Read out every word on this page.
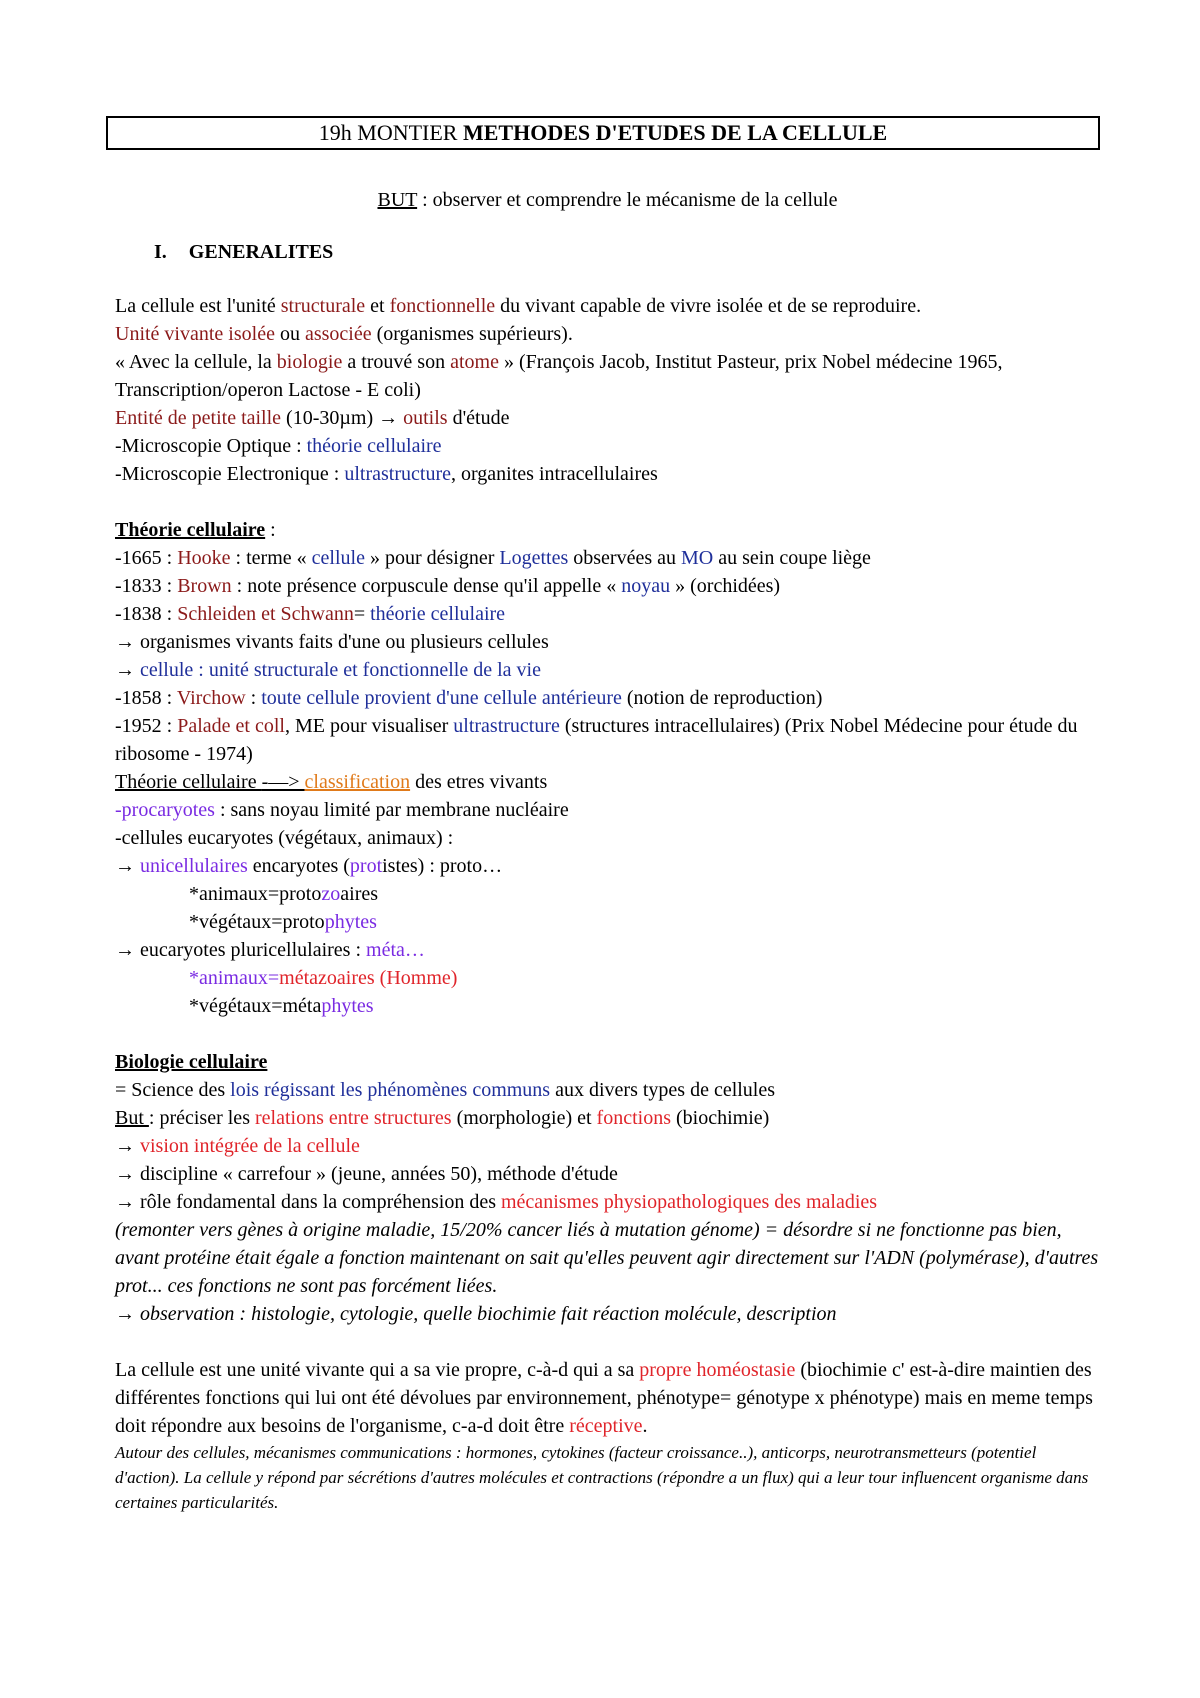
19h MONTIER METHODES D'ETUDES DE LA CELLULE

BUT : observer et comprendre le mécanisme de la cellule

I. GENERALITES

La cellule est l'unité structurale et fonctionnelle du vivant capable de vivre isolée et de se reproduire.

Unité vivante isolée ou associée (organismes supérieurs).

« Avec la cellule, la biologie a trouvé son atome » (François Jacob, Institut Pasteur, prix Nobel médecine 1965, Transcription/operon Lactose - E coli)

Entité de petite taille (10-30µm) → outils d'étude

-Microscopie Optique : théorie cellulaire

-Microscopie Electronique : ultrastructure, organites intracellulaires

Théorie cellulaire :

-1665 : Hooke : terme « cellule » pour désigner Logettes observées au MO au sein coupe liège

-1833 : Brown : note présence corpuscule dense qu'il appelle « noyau » (orchidées)

-1838 : Schleiden et Schwann= théorie cellulaire

→ organismes vivants faits d'une ou plusieurs cellules

→ cellule : unité structurale et fonctionnelle de la vie

-1858 : Virchow : toute cellule provient d'une cellule antérieure (notion de reproduction)

-1952 : Palade et coll, ME pour visualiser ultrastructure (structures intracellulaires) (Prix Nobel Médecine pour étude du ribosome - 1974)

Théorie cellulaire -—> classification des etres vivants

-procaryotes : sans noyau limité par membrane nucléaire

-cellules eucaryotes (végétaux, animaux) :

→ unicellulaires encaryotes (protistes) : proto…

*animaux=protozoaires

*végétaux=protophytes

→ eucaryotes pluricellulaires : méta…

*animaux=métazoaires (Homme)

*végétaux=métaphytes

Biologie cellulaire

= Science des lois régissant les phénomènes communs aux divers types de cellules

But : préciser les relations entre structures (morphologie) et fonctions (biochimie)

→ vision intégrée de la cellule

→ discipline « carrefour » (jeune, années 50), méthode d'étude

→ rôle fondamental dans la compréhension des mécanismes physiopathologiques des maladies

(remonter vers gènes à origine maladie, 15/20% cancer liés à mutation génome) = désordre si ne fonctionne pas bien, avant protéine était égale a fonction maintenant on sait qu'elles peuvent agir directement sur l'ADN (polymérase), d'autres prot... ces fonctions ne sont pas forcément liées.

→ observation : histologie, cytologie, quelle biochimie fait réaction molécule, description

La cellule est une unité vivante qui a sa vie propre, c-à-d qui a sa propre homéostasie (biochimie c' est-à-dire maintien des différentes fonctions qui lui ont été dévolues par environnement, phénotype= génotype x phénotype) mais en meme temps doit répondre aux besoins de l'organisme, c-a-d doit être réceptive.

Autour des cellules, mécanismes communications : hormones, cytokines (facteur croissance..), anticorps, neurotransmetteurs (potentiel d'action). La cellule y répond par sécrétions d'autres molécules et contractions (répondre a un flux) qui a leur tour influencent organisme dans certaines particularités.
